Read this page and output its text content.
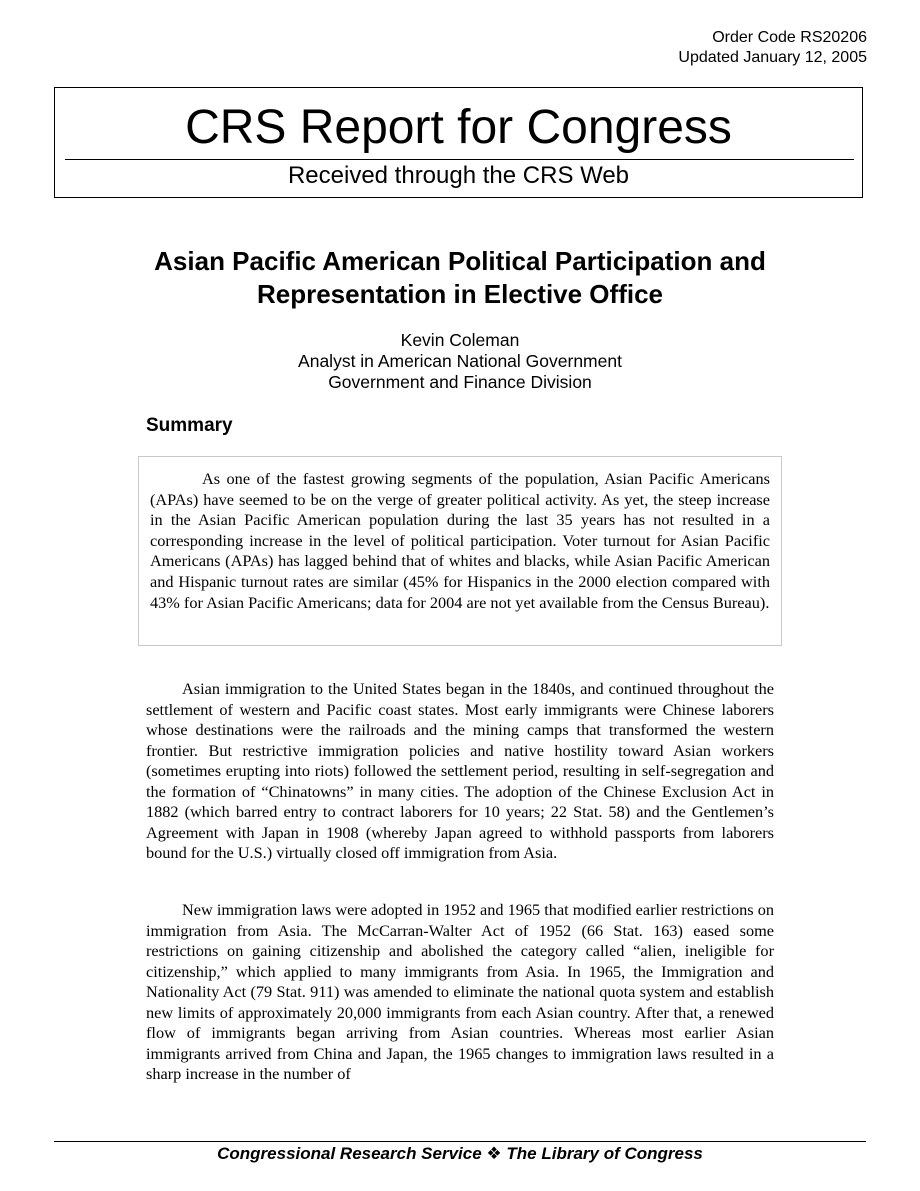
Order Code RS20206
Updated January 12, 2005
CRS Report for Congress
Received through the CRS Web
Asian Pacific American Political Participation and Representation in Elective Office
Kevin Coleman
Analyst in American National Government
Government and Finance Division
Summary

As one of the fastest growing segments of the population, Asian Pacific Americans (APAs) have seemed to be on the verge of greater political activity. As yet, the steep increase in the Asian Pacific American population during the last 35 years has not resulted in a corresponding increase in the level of political participation. Voter turnout for Asian Pacific Americans (APAs) has lagged behind that of whites and blacks, while Asian Pacific American and Hispanic turnout rates are similar (45% for Hispanics in the 2000 election compared with 43% for Asian Pacific Americans; data for 2004 are not yet available from the Census Bureau).

Asian immigration to the United States began in the 1840s, and continued throughout the settlement of western and Pacific coast states. Most early immigrants were Chinese laborers whose destinations were the railroads and the mining camps that transformed the western frontier. But restrictive immigration policies and native hostility toward Asian workers (sometimes erupting into riots) followed the settlement period, resulting in self-segregation and the formation of “Chinatowns” in many cities. The adoption of the Chinese Exclusion Act in 1882 (which barred entry to contract laborers for 10 years; 22 Stat. 58) and the Gentlemen’s Agreement with Japan in 1908 (whereby Japan agreed to withhold passports from laborers bound for the U.S.) virtually closed off immigration from Asia.

New immigration laws were adopted in 1952 and 1965 that modified earlier restrictions on immigration from Asia. The McCarran-Walter Act of 1952 (66 Stat. 163) eased some restrictions on gaining citizenship and abolished the category called “alien, ineligible for citizenship,” which applied to many immigrants from Asia. In 1965, the Immigration and Nationality Act (79 Stat. 911) was amended to eliminate the national quota system and establish new limits of approximately 20,000 immigrants from each Asian country. After that, a renewed flow of immigrants began arriving from Asian countries. Whereas most earlier Asian immigrants arrived from China and Japan, the 1965 changes to immigration laws resulted in a sharp increase in the number of

Congressional Research Service ❖ The Library of Congress
